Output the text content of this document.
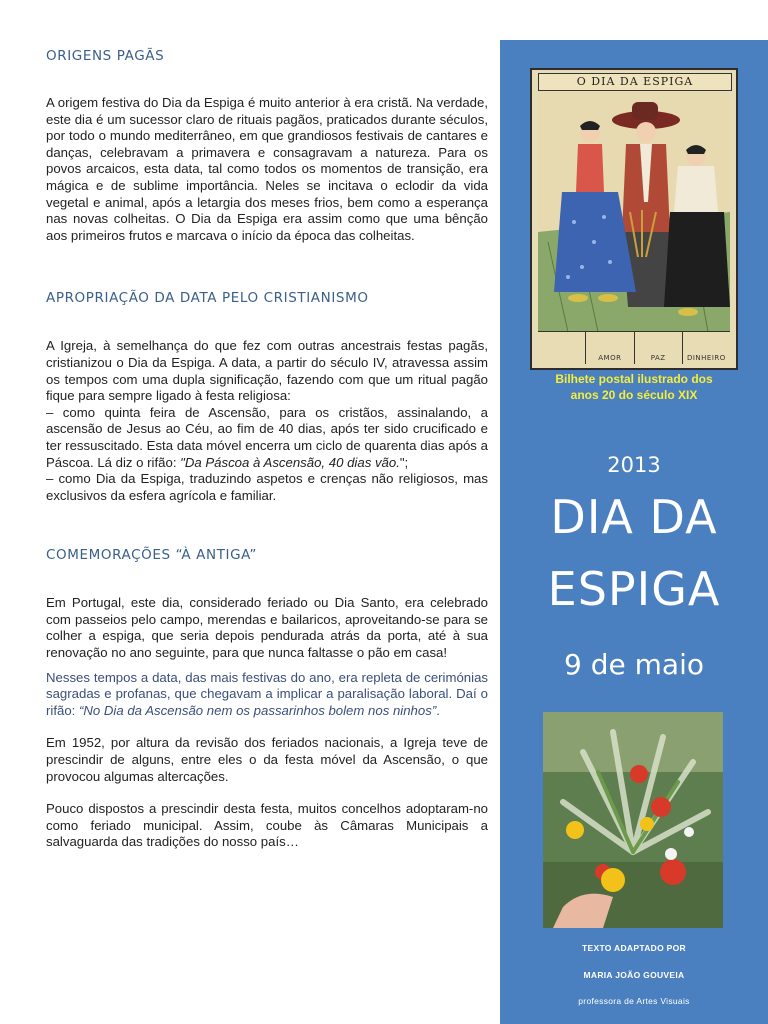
ORIGENS PAGÃS

A origem festiva do Dia da Espiga é muito anterior à era cristã. Na verdade, este dia é um sucessor claro de rituais pagãos, praticados durante séculos, por todo o mundo mediterrâneo, em que grandiosos festivais de cantares e danças, celebravam a primavera e consagravam a natureza. Para os povos arcaicos, esta data, tal como todos os momentos de transição, era mágica e de sublime importância. Neles se incitava o eclodir da vida vegetal e animal, após a letargia dos meses frios, bem como a esperança nas novas colheitas. O Dia da Espiga era assim como que uma bênção aos primeiros frutos e marcava o início da época das colheitas.

APROPRIAÇÃO DA DATA PELO CRISTIANISMO

A Igreja, à semelhança do que fez com outras ancestrais festas pagãs, cristianizou o Dia da Espiga. A data, a partir do século IV, atravessa assim os tempos com uma dupla significação, fazendo com que um ritual pagão fique para sempre ligado à festa religiosa:

– como quinta feira de Ascensão, para os cristãos, assinalando, a ascensão de Jesus ao Céu, ao fim de 40 dias, após ter sido crucificado e ter ressuscitado. Esta data móvel encerra um ciclo de quarenta dias após a Páscoa. Lá diz o rifão: "Da Páscoa à Ascensão, 40 dias vão.";

– como Dia da Espiga, traduzindo aspetos e crenças não religiosos, mas exclusivos da esfera agrícola e familiar.

COMEMORAÇÕES “À ANTIGA”

Em Portugal, este dia, considerado feriado ou Dia Santo, era celebrado com passeios pelo campo, merendas e bailaricos, aproveitando-se para se colher a espiga, que seria depois pendurada atrás da porta, até à sua renovação no ano seguinte, para que nunca faltasse o pão em casa!

Nesses tempos a data, das mais festivas do ano, era repleta de cerimónias sagradas e profanas, que chegavam a implicar a paralisação laboral. Daí o rifão: “No Dia da Ascensão nem os passarinhos bolem nos ninhos”.

Em 1952, por altura da revisão dos feriados nacionais, a Igreja teve de prescindir de alguns, entre eles o da festa móvel da Ascensão, o que provocou algumas altercações.

Pouco dispostos a prescindir desta festa, muitos concelhos adoptaram-no como feriado municipal. Assim, coube às Câmaras Municipais a salvaguarda das tradições do nosso país…

O DIA DA ESPIGA
AMOR	PAZ	DINHEIRO
Bilhete postal ilustrado dos
anos 20 do século XIX
2013
DIA DA
ESPIGA
9 de maio
TEXTO ADAPTADO POR
MARIA JOÃO GOUVEIA
professora de Artes Visuais
